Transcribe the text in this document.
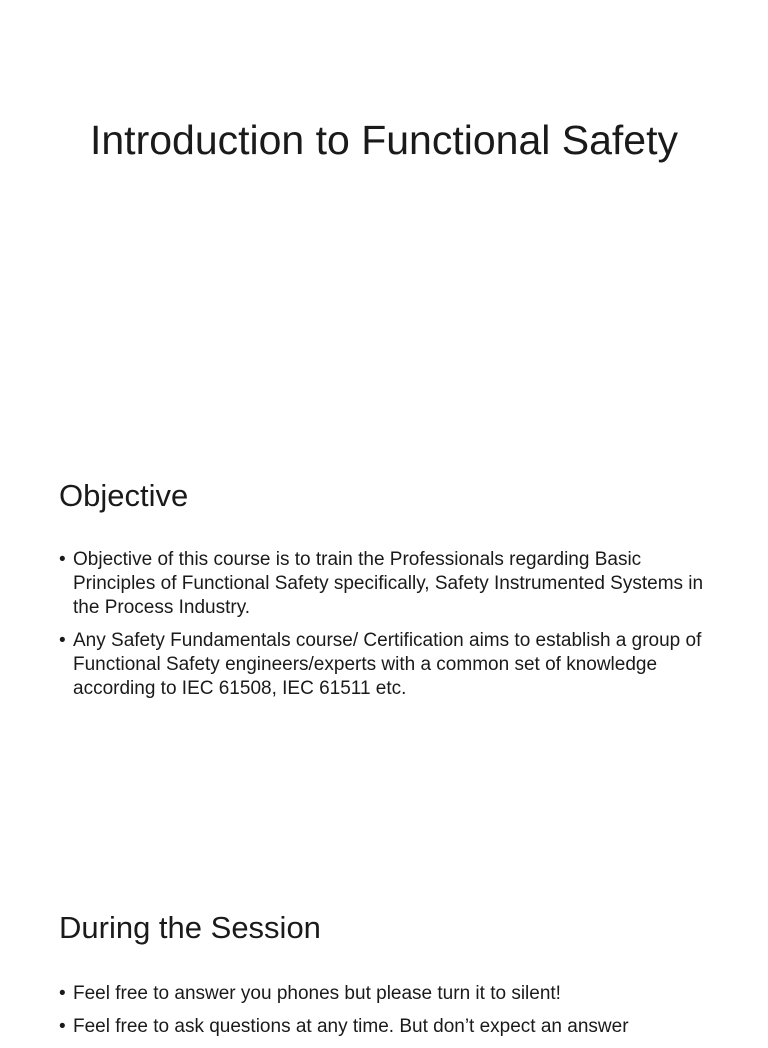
Introduction to Functional Safety
Objective
• Objective of this course is to train the Professionals regarding Basic Principles of Functional Safety specifically, Safety Instrumented Systems in the Process Industry.
• Any Safety Fundamentals course/ Certification aims to establish a group of Functional Safety engineers/experts with a common set of knowledge according to IEC 61508, IEC 61511 etc.
During the Session
• Feel free to answer you phones but please turn it to silent!
• Feel free to ask questions at any time. But don’t expect an answer
